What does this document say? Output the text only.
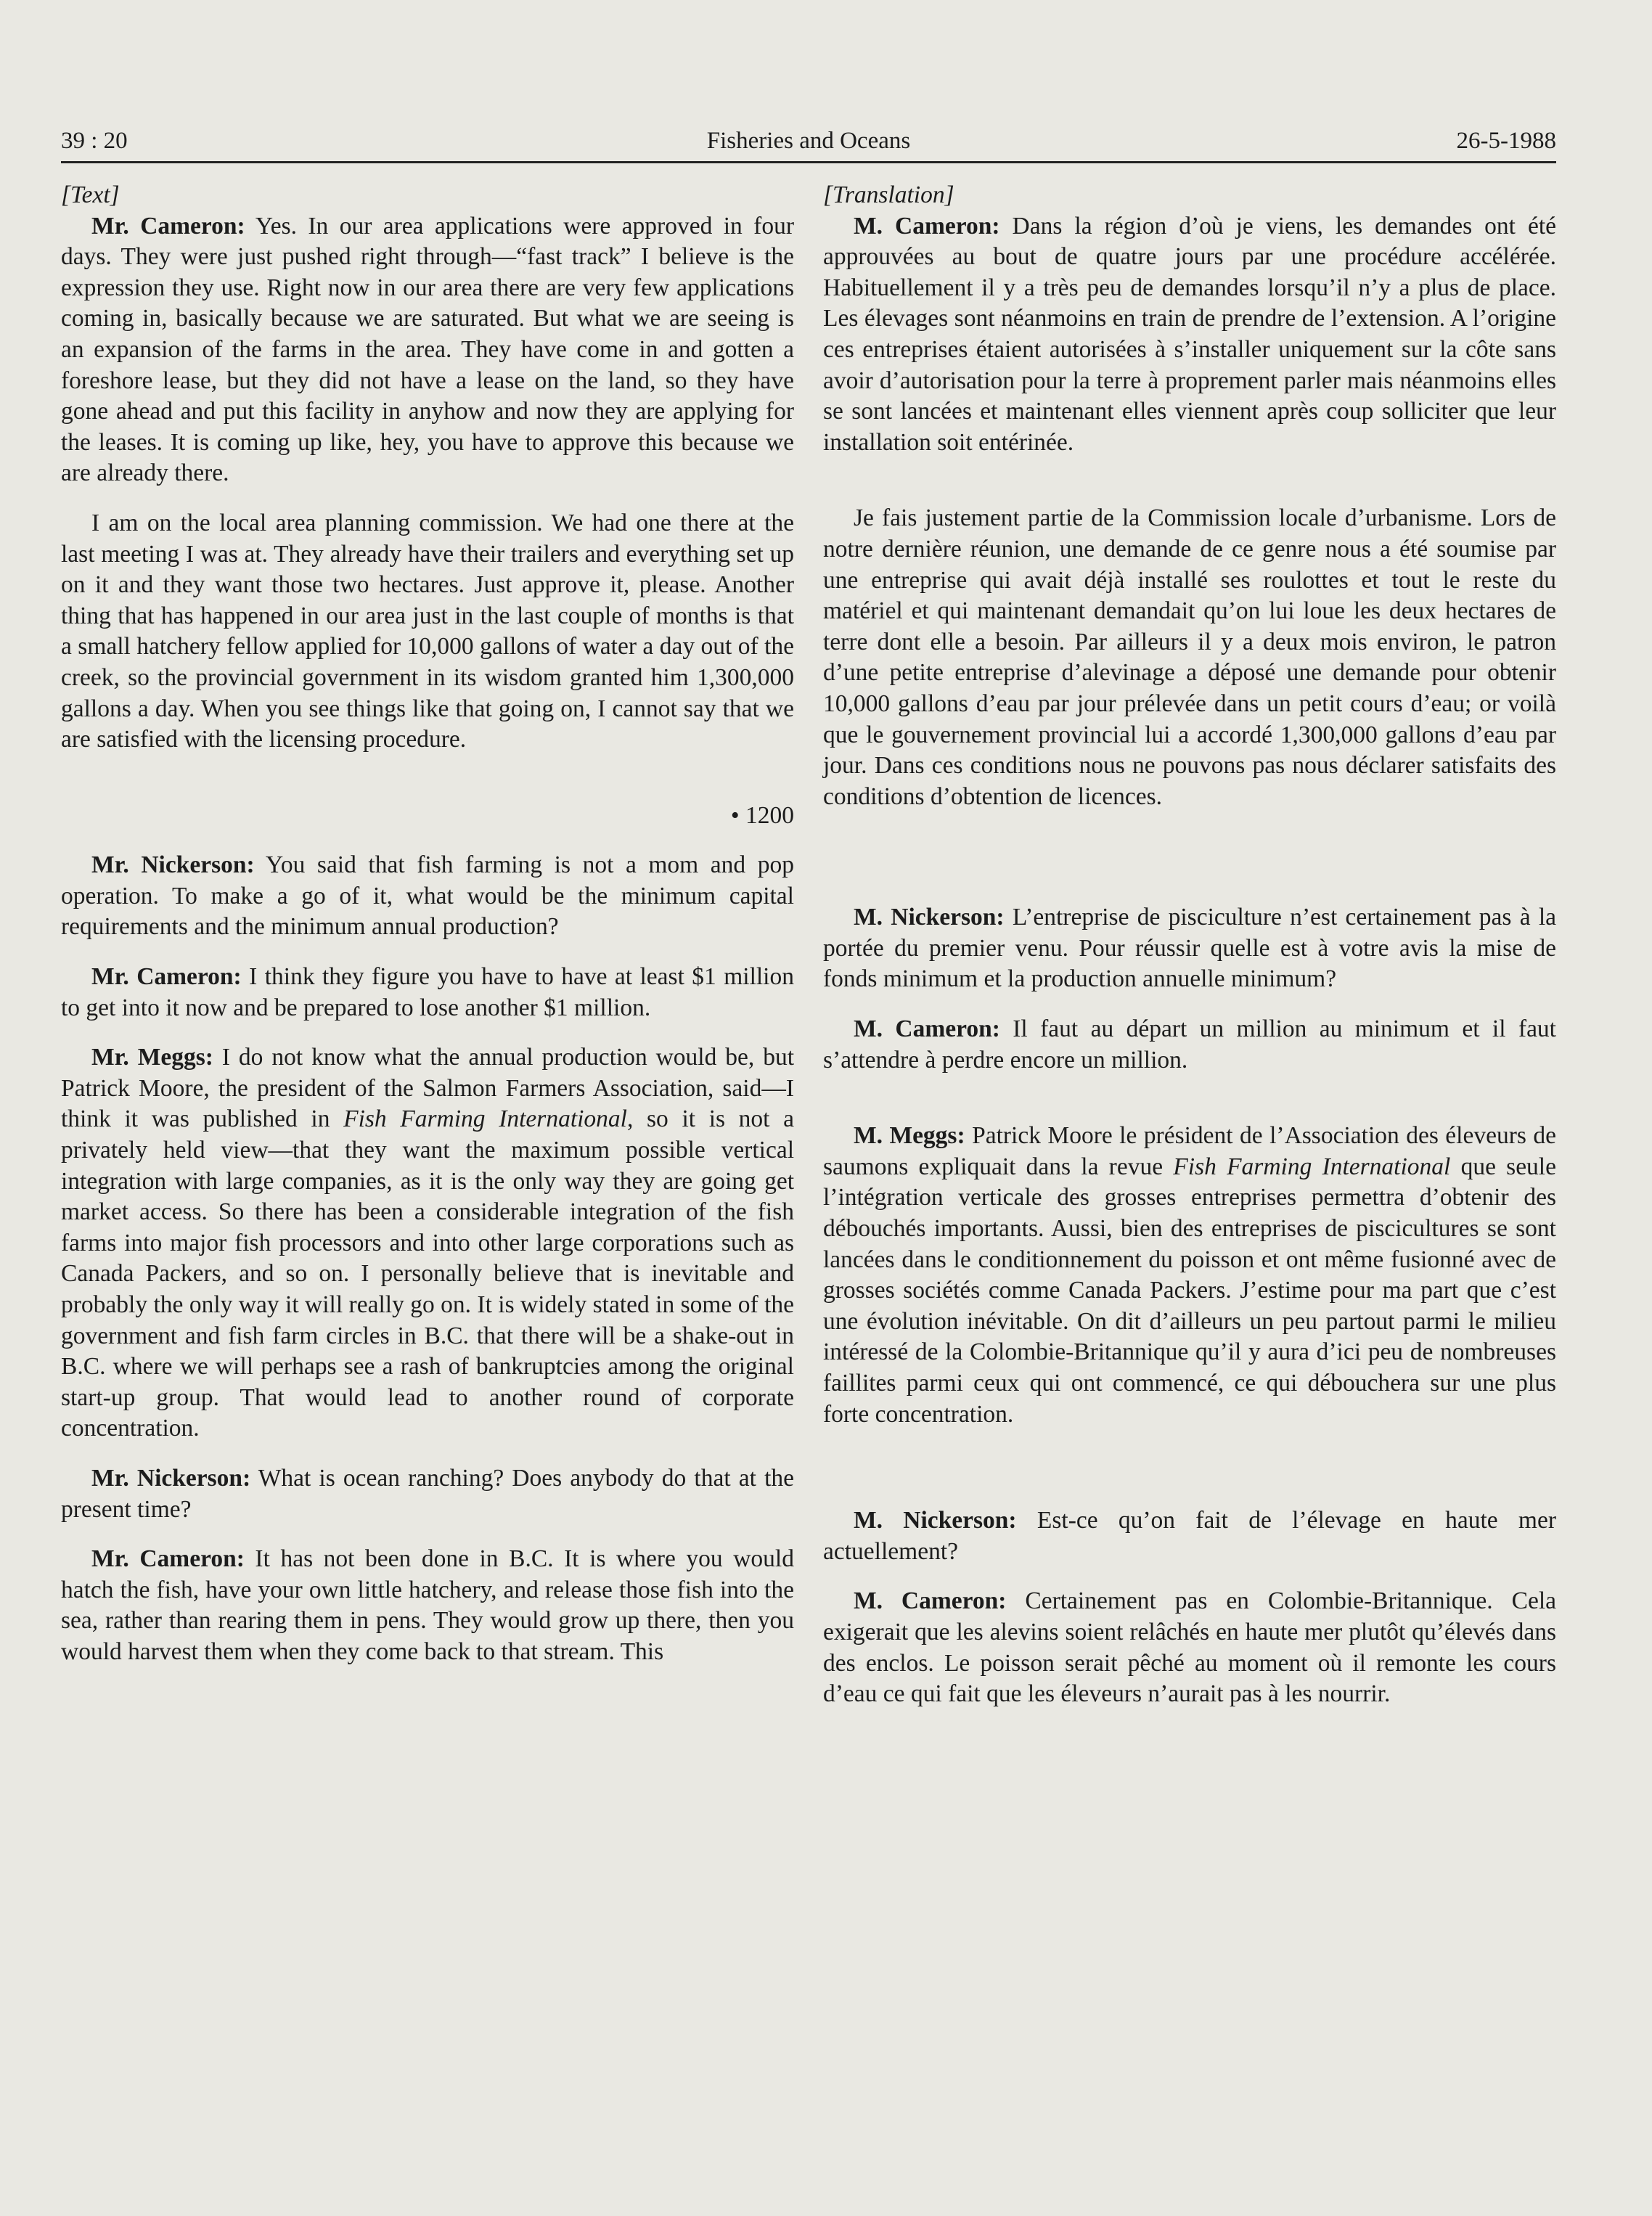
39 : 20	Fisheries and Oceans	26-5-1988

[Text]

Mr. Cameron: Yes. In our area applications were approved in four days. They were just pushed right through—“fast track” I believe is the expression they use. Right now in our area there are very few applications coming in, basically because we are saturated. But what we are seeing is an expansion of the farms in the area. They have come in and gotten a foreshore lease, but they did not have a lease on the land, so they have gone ahead and put this facility in anyhow and now they are applying for the leases. It is coming up like, hey, you have to approve this because we are already there.

I am on the local area planning commission. We had one there at the last meeting I was at. They already have their trailers and everything set up on it and they want those two hectares. Just approve it, please. Another thing that has happened in our area just in the last couple of months is that a small hatchery fellow applied for 10,000 gallons of water a day out of the creek, so the provincial government in its wisdom granted him 1,300,000 gallons a day. When you see things like that going on, I cannot say that we are satisfied with the licensing procedure.

• 1200

Mr. Nickerson: You said that fish farming is not a mom and pop operation. To make a go of it, what would be the minimum capital requirements and the minimum annual production?

Mr. Cameron: I think they figure you have to have at least $1 million to get into it now and be prepared to lose another $1 million.

Mr. Meggs: I do not know what the annual production would be, but Patrick Moore, the president of the Salmon Farmers Association, said—I think it was published in Fish Farming International, so it is not a privately held view—that they want the maximum possible vertical integration with large companies, as it is the only way they are going get market access. So there has been a considerable integration of the fish farms into major fish processors and into other large corporations such as Canada Packers, and so on. I personally believe that is inevitable and probably the only way it will really go on. It is widely stated in some of the government and fish farm circles in B.C. that there will be a shake-out in B.C. where we will perhaps see a rash of bankruptcies among the original start-up group. That would lead to another round of corporate concentration.

Mr. Nickerson: What is ocean ranching? Does anybody do that at the present time?

Mr. Cameron: It has not been done in B.C. It is where you would hatch the fish, have your own little hatchery, and release those fish into the sea, rather than rearing them in pens. They would grow up there, then you would harvest them when they come back to that stream. This

[Translation]

M. Cameron: Dans la région d’où je viens, les demandes ont été approuvées au bout de quatre jours par une procédure accélérée. Habituellement il y a très peu de demandes lorsqu’il n’y a plus de place. Les élevages sont néanmoins en train de prendre de l’extension. A l’origine ces entreprises étaient autorisées à s’installer uniquement sur la côte sans avoir d’autorisation pour la terre à proprement parler mais néanmoins elles se sont lancées et maintenant elles viennent après coup solliciter que leur installation soit entérinée.

Je fais justement partie de la Commission locale d’urbanisme. Lors de notre dernière réunion, une demande de ce genre nous a été soumise par une entreprise qui avait déjà installé ses roulottes et tout le reste du matériel et qui maintenant demandait qu’on lui loue les deux hectares de terre dont elle a besoin. Par ailleurs il y a deux mois environ, le patron d’une petite entreprise d’alevinage a déposé une demande pour obtenir 10,000 gallons d’eau par jour prélevée dans un petit cours d’eau; or voilà que le gouvernement provincial lui a accordé 1,300,000 gallons d’eau par jour. Dans ces conditions nous ne pouvons pas nous déclarer satisfaits des conditions d’obtention de licences.

M. Nickerson: L’entreprise de pisciculture n’est certainement pas à la portée du premier venu. Pour réussir quelle est à votre avis la mise de fonds minimum et la production annuelle minimum?

M. Cameron: Il faut au départ un million au minimum et il faut s’attendre à perdre encore un million.

M. Meggs: Patrick Moore le président de l’Association des éleveurs de saumons expliquait dans la revue Fish Farming International que seule l’intégration verticale des grosses entreprises permettra d’obtenir des débouchés importants. Aussi, bien des entreprises de piscicultures se sont lancées dans le conditionnement du poisson et ont même fusionné avec de grosses sociétés comme Canada Packers. J’estime pour ma part que c’est une évolution inévitable. On dit d’ailleurs un peu partout parmi le milieu intéressé de la Colombie-Britannique qu’il y aura d’ici peu de nombreuses faillites parmi ceux qui ont commencé, ce qui débouchera sur une plus forte concentration.

M. Nickerson: Est-ce qu’on fait de l’élevage en haute mer actuellement?

M. Cameron: Certainement pas en Colombie-Britannique. Cela exigerait que les alevins soient relâchés en haute mer plutôt qu’élevés dans des enclos. Le poisson serait pêché au moment où il remonte les cours d’eau ce qui fait que les éleveurs n’aurait pas à les nourrir.
